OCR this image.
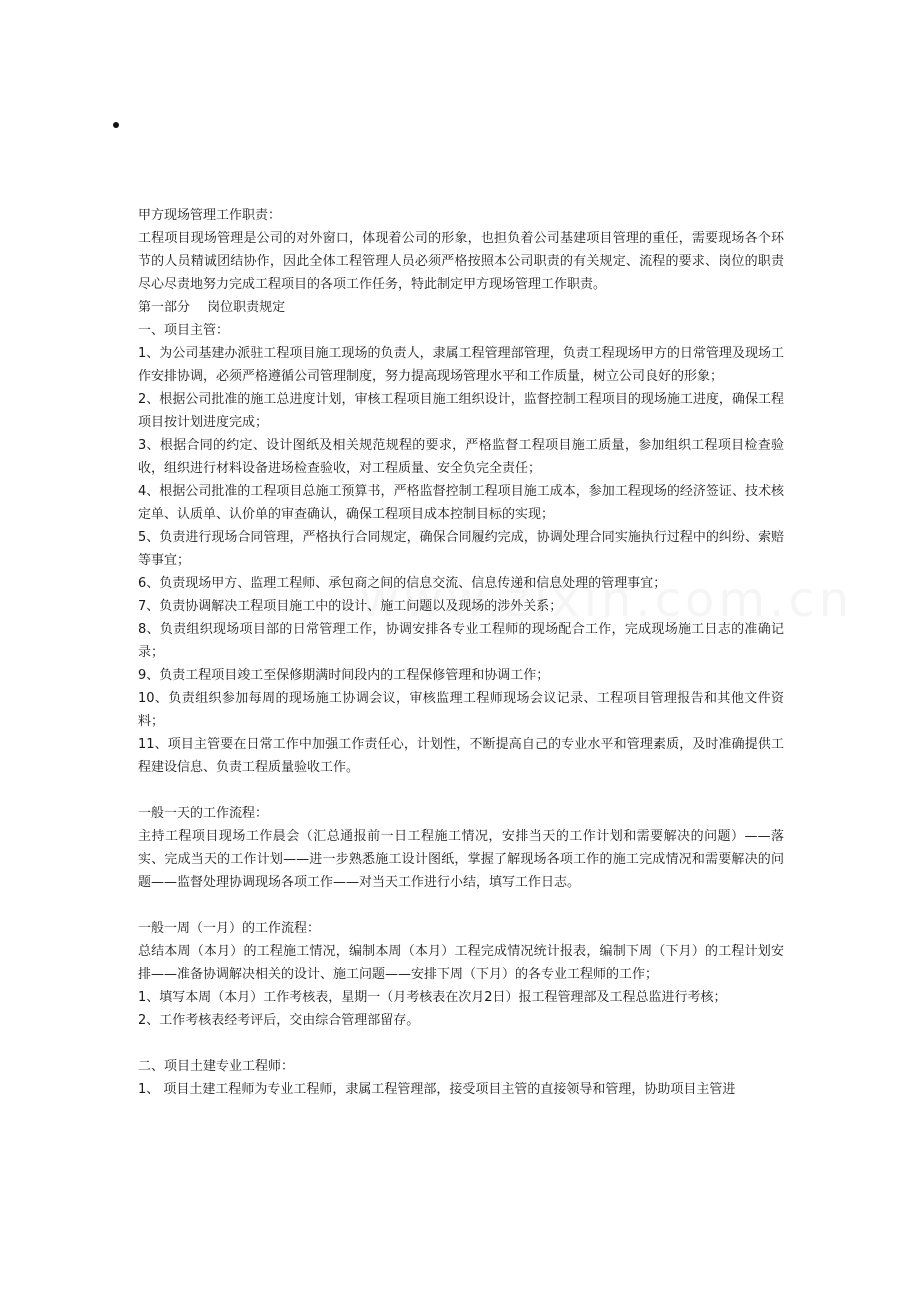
甲方现场管理工作职责：

工程项目现场管理是公司的对外窗口，体现着公司的形象，也担负着公司基建项目管理的重任，需要现场各个环节的人员精诚团结协作，因此全体工程管理人员必须严格按照本公司职责的有关规定、流程的要求、岗位的职责尽心尽责地努力完成工程项目的各项工作任务，特此制定甲方现场管理工作职责。

第一部分　 岗位职责规定

一、项目主管：

1、为公司基建办派驻工程项目施工现场的负责人，隶属工程管理部管理，负责工程现场甲方的日常管理及现场工作安排协调，必须严格遵循公司管理制度，努力提高现场管理水平和工作质量，树立公司良好的形象；

2、根据公司批准的施工总进度计划，审核工程项目施工组织设计，监督控制工程项目的现场施工进度，确保工程项目按计划进度完成；

3、根据合同的约定、设计图纸及相关规范规程的要求，严格监督工程项目施工质量，参加组织工程项目检查验收，组织进行材料设备进场检查验收，对工程质量、安全负完全责任；

4、根据公司批准的工程项目总施工预算书，严格监督控制工程项目施工成本，参加工程现场的经济签证、技术核定单、认质单、认价单的审查确认，确保工程项目成本控制目标的实现；

5、负责进行现场合同管理，严格执行合同规定，确保合同履约完成，协调处理合同实施执行过程中的纠纷、索赔等事宜；

6、负责现场甲方、监理工程师、承包商之间的信息交流、信息传递和信息处理的管理事宜；

7、负责协调解决工程项目施工中的设计、施工问题以及现场的涉外关系；

8、负责组织现场项目部的日常管理工作，协调安排各专业工程师的现场配合工作，完成现场施工日志的准确记录；

9、负责工程项目竣工至保修期满时间段内的工程保修管理和协调工作；

10、负责组织参加每周的现场施工协调会议，审核监理工程师现场会议记录、工程项目管理报告和其他文件资料；

11、项目主管要在日常工作中加强工作责任心，计划性，不断提高自己的专业水平和管理素质，及时准确提供工程建设信息、负责工程质量验收工作。

一般一天的工作流程：

主持工程项目现场工作晨会（汇总通报前一日工程施工情况，安排当天的工作计划和需要解决的问题）——落实、完成当天的工作计划——进一步熟悉施工设计图纸，掌握了解现场各项工作的施工完成情况和需要解决的问题——监督处理协调现场各项工作——对当天工作进行小结，填写工作日志。

一般一周（一月）的工作流程：

总结本周（本月）的工程施工情况，编制本周（本月）工程完成情况统计报表，编制下周（下月）的工程计划安排——准备协调解决相关的设计、施工问题——安排下周（下月）的各专业工程师的工作；

1、填写本周（本月）工作考核表，星期一（月考核表在次月2日）报工程管理部及工程总监进行考核；

2、工作考核表经考评后，交由综合管理部留存。

二、项目土建专业工程师：

1、 项目土建工程师为专业工程师，隶属工程管理部，接受项目主管的直接领导和管理，协助项目主管进
